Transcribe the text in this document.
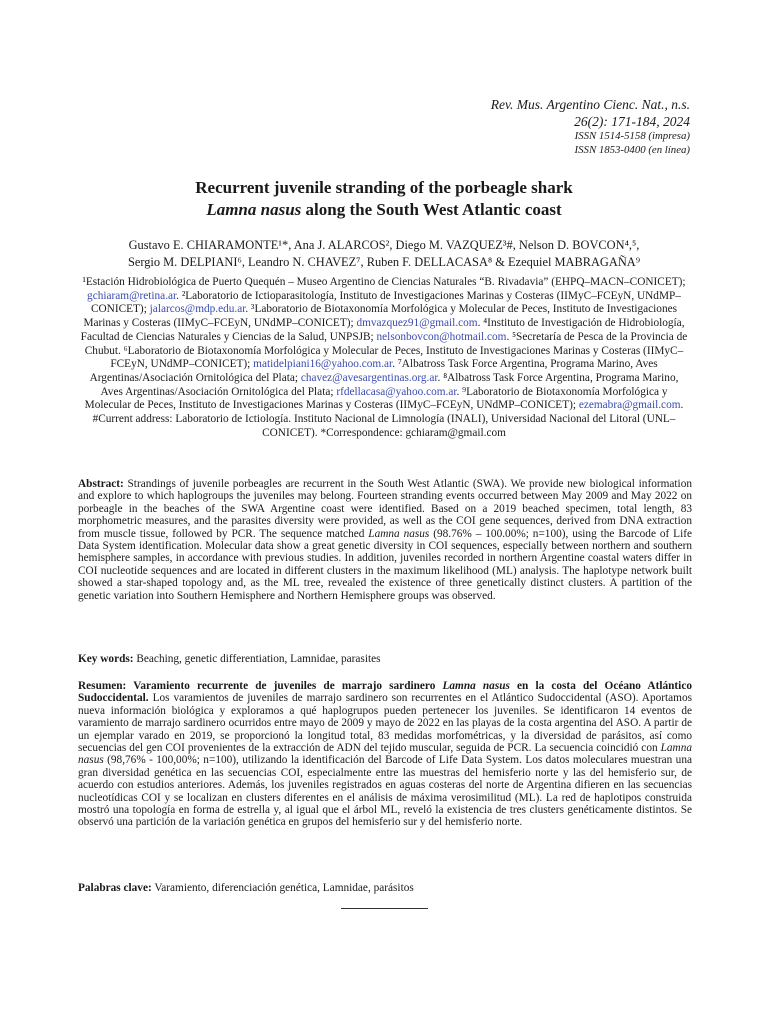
Rev. Mus. Argentino Cienc. Nat., n.s.
26(2): 171-184, 2024
ISSN 1514-5158 (impresa)
ISSN 1853-0400 (en línea)
Recurrent juvenile stranding of the porbeagle shark
Lamna nasus along the South West Atlantic coast
Gustavo E. CHIARAMONTE¹*, Ana J. ALARCOS², Diego M. VAZQUEZ³#, Nelson D. BOVCON⁴,⁵,
Sergio M. DELPIANI⁶, Leandro N. CHAVEZ⁷, Ruben F. DELLACASA⁸ & Ezequiel MABRAGAÑA⁹
¹Estación Hidrobiológica de Puerto Quequén – Museo Argentino de Ciencias Naturales “B. Rivadavia” (EHPQ–MACN–CONICET); gchiaram@retina.ar. ²Laboratorio de Ictioparasitología, Instituto de Investigaciones Marinas y Costeras (IIMyC–FCEyN, UNdMP–CONICET); jalarcos@mdp.edu.ar. ³Laboratorio de Biotaxonomía Morfológica y Molecular de Peces, Instituto de Investigaciones Marinas y Costeras (IIMyC–FCEyN, UNdMP–CONICET); dmvazquez91@gmail.com. ⁴Instituto de Investigación de Hidrobiología, Facultad de Ciencias Naturales y Ciencias de la Salud, UNPSJB; nelsonbovcon@hotmail.com. ⁵Secretaría de Pesca de la Provincia de Chubut. ⁶Laboratorio de Biotaxonomía Morfológica y Molecular de Peces, Instituto de Investigaciones Marinas y Costeras (IIMyC–FCEyN, UNdMP–CONICET); matidelpiani16@yahoo.com.ar. ⁷Albatross Task Force Argentina, Programa Marino, Aves Argentinas/Asociación Ornitológica del Plata; chavez@avesargentinas.org.ar. ⁸Albatross Task Force Argentina, Programa Marino, Aves Argentinas/Asociación Ornitológica del Plata; rfdellacasa@yahoo.com.ar. ⁹Laboratorio de Biotaxonomía Morfológica y Molecular de Peces, Instituto de Investigaciones Marinas y Costeras (IIMyC–FCEyN, UNdMP–CONICET); ezemabra@gmail.com. #Current address: Laboratorio de Ictiología. Instituto Nacional de Limnología (INALI), Universidad Nacional del Litoral (UNL–CONICET). *Correspondence: gchiaram@gmail.com
Abstract: Strandings of juvenile porbeagles are recurrent in the South West Atlantic (SWA). We provide new biological information and explore to which haplogroups the juveniles may belong. Fourteen stranding events occurred between May 2009 and May 2022 on porbeagle in the beaches of the SWA Argentine coast were identified. Based on a 2019 beached specimen, total length, 83 morphometric measures, and the parasites diversity were provided, as well as the COI gene sequences, derived from DNA extraction from muscle tissue, followed by PCR. The sequence matched Lamna nasus (98.76% – 100.00%; n=100), using the Barcode of Life Data System identification. Molecular data show a great genetic diversity in COI sequences, especially between northern and southern hemisphere samples, in accordance with previous studies. In addition, juveniles recorded in northern Argentine coastal waters differ in COI nucleotide sequences and are located in different clusters in the maximum likelihood (ML) analysis. The haplotype network built showed a star-shaped topology and, as the ML tree, revealed the existence of three genetically distinct clusters. A partition of the genetic variation into Southern Hemisphere and Northern Hemisphere groups was observed.
Key words: Beaching, genetic differentiation, Lamnidae, parasites
Resumen: Varamiento recurrente de juveniles de marrajo sardinero Lamna nasus en la costa del Océano Atlántico Sudoccidental. Los varamientos de juveniles de marrajo sardinero son recurrentes en el Atlántico Sudoccidental (ASO). Aportamos nueva información biológica y exploramos a qué haplogrupos pueden pertenecer los juveniles. Se identificaron 14 eventos de varamiento de marrajo sardinero ocurridos entre mayo de 2009 y mayo de 2022 en las playas de la costa argentina del ASO. A partir de un ejemplar varado en 2019, se proporcionó la longitud total, 83 medidas morfométricas, y la diversidad de parásitos, así como secuencias del gen COI provenientes de la extracción de ADN del tejido muscular, seguida de PCR. La secuencia coincidió con Lamna nasus (98,76% - 100,00%; n=100), utilizando la identificación del Barcode of Life Data System. Los datos moleculares muestran una gran diversidad genética en las secuencias COI, especialmente entre las muestras del hemisferio norte y las del hemisferio sur, de acuerdo con estudios anteriores. Además, los juveniles registrados en aguas costeras del norte de Argentina difieren en las secuencias nucleotídicas COI y se localizan en clusters diferentes en el análisis de máxima verosimilitud (ML). La red de haplotipos construida mostró una topología en forma de estrella y, al igual que el árbol ML, reveló la existencia de tres clusters genéticamente distintos. Se observó una partición de la variación genética en grupos del hemisferio sur y del hemisferio norte.
Palabras clave: Varamiento, diferenciación genética, Lamnidae, parásitos
